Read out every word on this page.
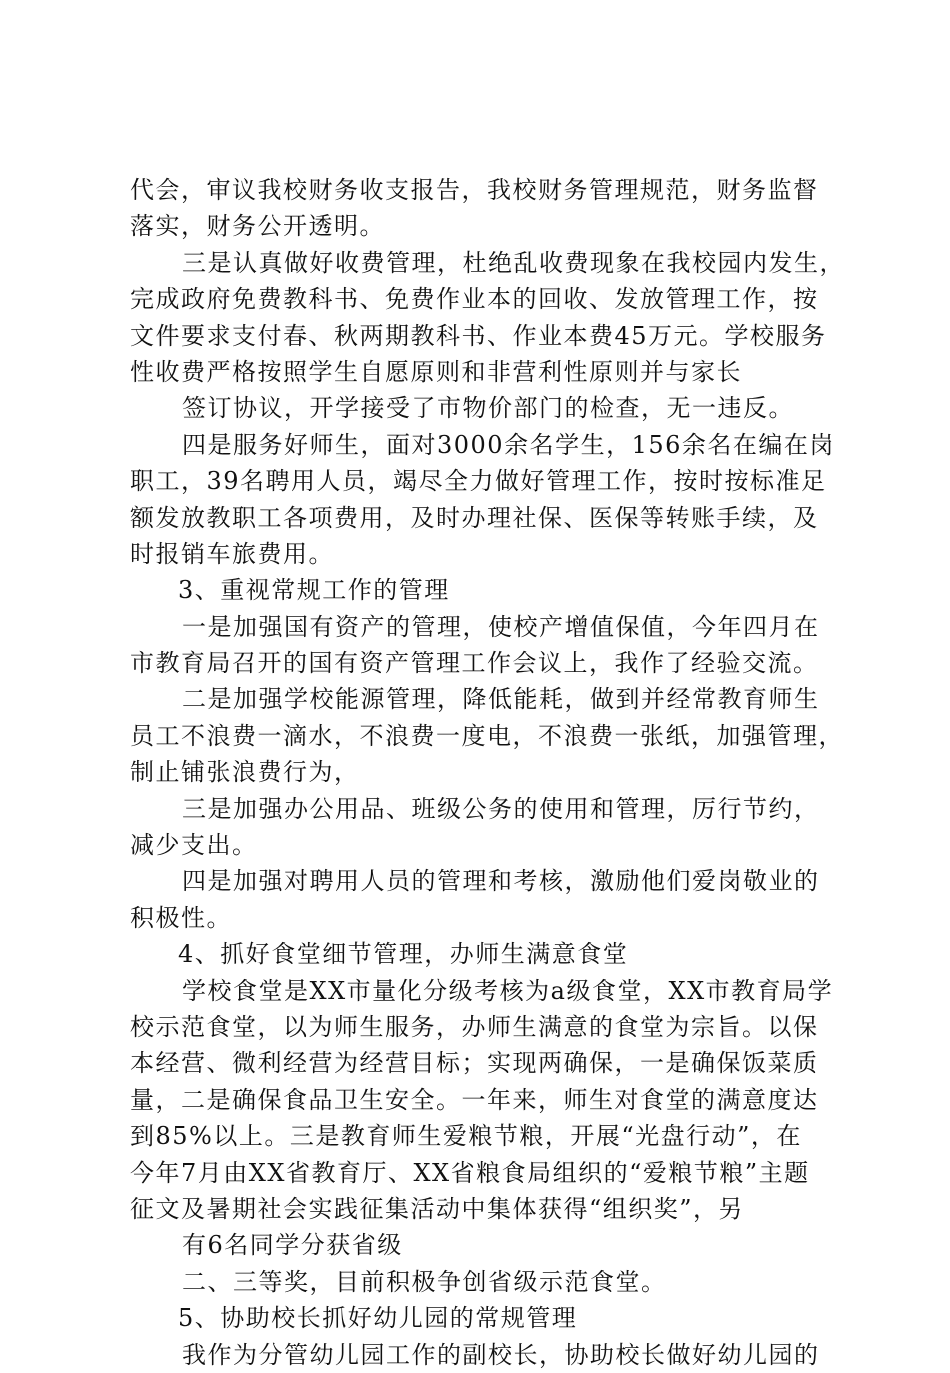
代会，审议我校财务收支报告，我校财务管理规范，财务监督
落实，财务公开透明。
三是认真做好收费管理，杜绝乱收费现象在我校园内发生，
完成政府免费教科书、免费作业本的回收、发放管理工作，按
文件要求支付春、秋两期教科书、作业本费45万元。学校服务
性收费严格按照学生自愿原则和非营利性原则并与家长
签订协议，开学接受了市物价部门的检查，无一违反。
四是服务好师生，面对3000余名学生，156余名在编在岗
职工，39名聘用人员，竭尽全力做好管理工作，按时按标准足
额发放教职工各项费用，及时办理社保、医保等转账手续，及
时报销车旅费用。
3、重视常规工作的管理
一是加强国有资产的管理，使校产增值保值，今年四月在
市教育局召开的国有资产管理工作会议上，我作了经验交流。
二是加强学校能源管理，降低能耗，做到并经常教育师生
员工不浪费一滴水，不浪费一度电，不浪费一张纸，加强管理，
制止铺张浪费行为，
三是加强办公用品、班级公务的使用和管理，厉行节约，
减少支出。
四是加强对聘用人员的管理和考核，激励他们爱岗敬业的
积极性。
4、抓好食堂细节管理，办师生满意食堂
学校食堂是XX市量化分级考核为a级食堂，XX市教育局学
校示范食堂，以为师生服务，办师生满意的食堂为宗旨。以保
本经营、微利经营为经营目标；实现两确保，一是确保饭菜质
量，二是确保食品卫生安全。一年来，师生对食堂的满意度达
到85%以上。三是教育师生爱粮节粮，开展“光盘行动”，在
今年7月由XX省教育厅、XX省粮食局组织的“爱粮节粮”主题
征文及暑期社会实践征集活动中集体获得“组织奖”，另
有6名同学分获省级
二、三等奖，目前积极争创省级示范食堂。
5、协助校长抓好幼儿园的常规管理
我作为分管幼儿园工作的副校长，协助校长做好幼儿园的
